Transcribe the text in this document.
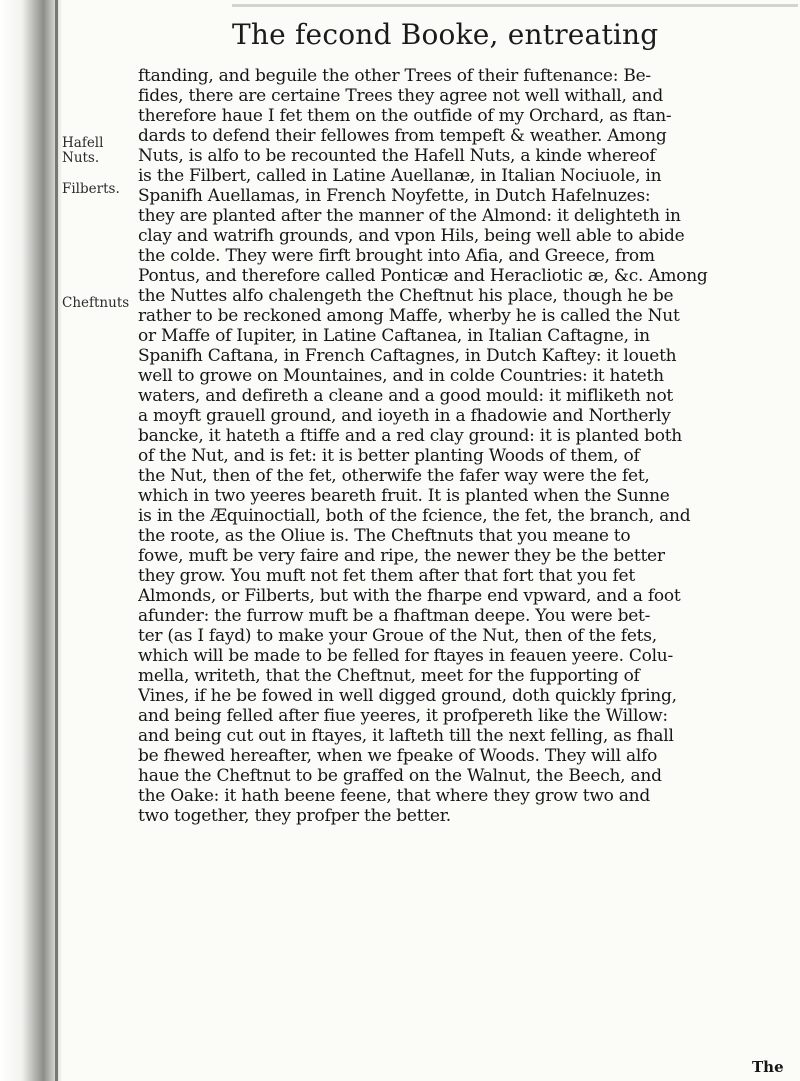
The fecond Booke, entreating
Hafell Nuts.
Filberts.
Cheftnuts
ftanding, and beguile the other Trees of their fuftenance: Be-
fides, there are certaine Trees they agree not well withall, and
therefore haue I fet them on the outfide of my Orchard, as ftan-
dards to defend their fellowes from tempeft & weather. Among
Nuts, is alfo to be recounted the Hafell Nuts, a kinde whereof
is the Filbert, called in Latine Auellanæ, in Italian Nociuole, in
Spanifh Auellamas, in French Noyfette, in Dutch Hafelnuzes:
they are planted after the manner of the Almond: it delighteth in
clay and watrifh grounds, and vpon Hils, being well able to abide
the colde. They were firft brought into Afia, and Greece, from
Pontus, and therefore called Ponticæ and Heracliotic æ, &c. Among
the Nuttes alfo chalengeth the Cheftnut his place, though he be
rather to be reckoned among Maffe, wherby he is called the Nut
or Maffe of Iupiter, in Latine Caftanea, in Italian Caftagne, in
Spanifh Caftana, in French Caftagnes, in Dutch Kaftey: it loueth
well to growe on Mountaines, and in colde Countries: it hateth
waters, and defireth a cleane and a good mould: it mifliketh not
a moyft grauell ground, and ioyeth in a fhadowie and Northerly
bancke, it hateth a ftiffe and a red clay ground: it is planted both
of the Nut, and is fet: it is better planting Woods of them, of
the Nut, then of the fet, otherwife the fafer way were the fet,
which in two yeeres beareth fruit. It is planted when the Sunne
is in the Æquinoctiall, both of the fcience, the fet, the branch, and
the roote, as the Oliue is. The Cheftnuts that you meane to
fowe, muft be very faire and ripe, the newer they be the better
they grow. You muft not fet them after that fort that you fet
Almonds, or Filberts, but with the fharpe end vpward, and a foot
afunder: the furrow muft be a fhaftman deepe. You were bet-
ter (as I fayd) to make your Groue of the Nut, then of the fets,
which will be made to be felled for ftayes in feauen yeere. Colu-
mella, writeth, that the Cheftnut, meet for the fupporting of
Vines, if he be fowed in well digged ground, doth quickly fpring,
and being felled after fiue yeeres, it profpereth like the Willow:
and being cut out in ftayes, it lafteth till the next felling, as fhall
be fhewed hereafter, when we fpeake of Woods. They will alfo
haue the Cheftnut to be graffed on the Walnut, the Beech, and
the Oake: it hath beene feene, that where they grow two and
two together, they profper the better.
The
